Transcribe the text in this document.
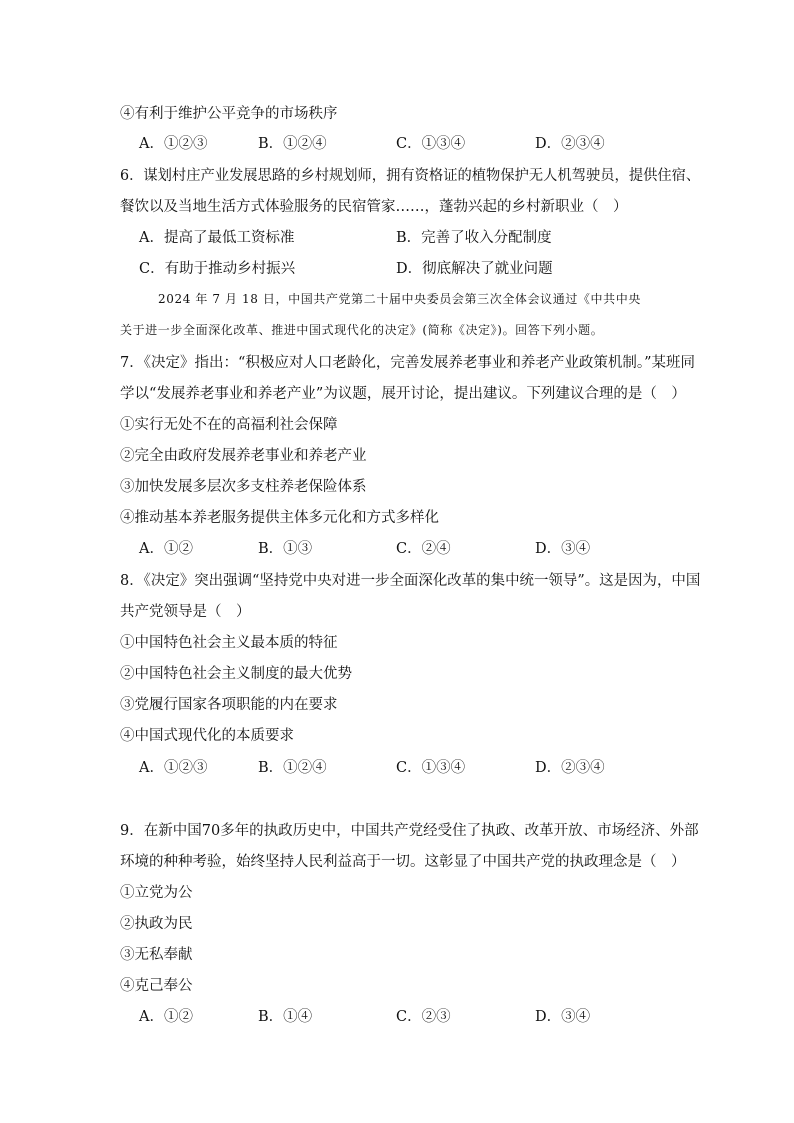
④有利于维护公平竞争的市场秩序
A．①②③	B．①②④	C．①③④	D．②③④
6．谋划村庄产业发展思路的乡村规划师，拥有资格证的植物保护无人机驾驶员，提供住宿、
餐饮以及当地生活方式体验服务的民宿管家……，蓬勃兴起的乡村新职业（　）
A．提高了最低工资标准	B．完善了收入分配制度
C．有助于推动乡村振兴	D．彻底解决了就业问题
2024 年 7 月 18 日，中国共产党第二十届中央委员会第三次全体会议通过《中共中央
关于进一步全面深化改革、推进中国式现代化的决定》(简称《决定》)。回答下列小题。
7．《决定》指出：“积极应对人口老龄化，完善发展养老事业和养老产业政策机制。”某班同
学以“发展养老事业和养老产业”为议题，展开讨论，提出建议。下列建议合理的是（　）
①实行无处不在的高福利社会保障
②完全由政府发展养老事业和养老产业
③加快发展多层次多支柱养老保险体系
④推动基本养老服务提供主体多元化和方式多样化
A．①②	B．①③	C．②④	D．③④
8．《决定》突出强调“坚持党中央对进一步全面深化改革的集中统一领导”。这是因为，中国
共产党领导是（　）
①中国特色社会主义最本质的特征
②中国特色社会主义制度的最大优势
③党履行国家各项职能的内在要求
④中国式现代化的本质要求
A．①②③	B．①②④	C．①③④	D．②③④
9．在新中国70多年的执政历史中，中国共产党经受住了执政、改革开放、市场经济、外部
环境的种种考验，始终坚持人民利益高于一切。这彰显了中国共产党的执政理念是（　）
①立党为公
②执政为民
③无私奉献
④克己奉公
A．①②	B．①④	C．②③	D．③④
